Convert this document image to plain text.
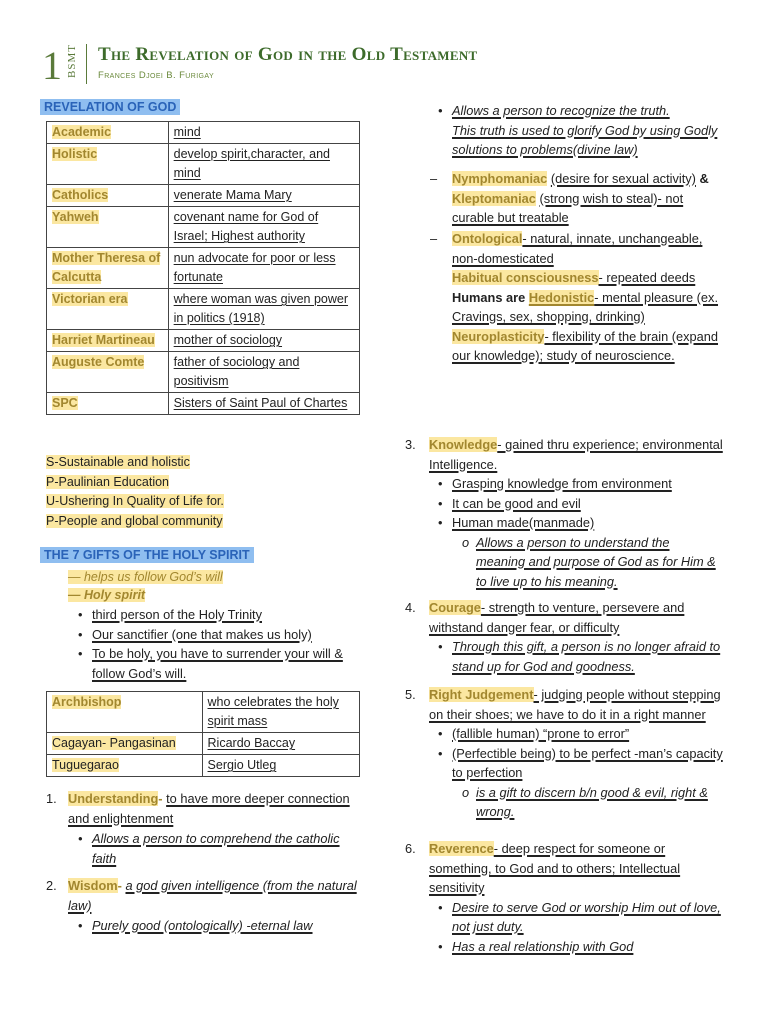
1 BSMT The Revelation of God in the Old Testament
Frances Djoei B. Furigay
REVELATION OF GOD
Academic	mind
Holistic	develop spirit,character, and mind
Catholics	venerate Mama Mary
Yahweh	covenant name for God of Israel; Highest authority
Mother Theresa of Calcutta	nun advocate for poor or less fortunate
Victorian era	where woman was given power in politics (1918)
Harriet Martineau	mother of sociology
Auguste Comte	father of sociology and positivism
SPC	Sisters of Saint Paul of Chartes
S-Sustainable and holistic
P-Paulinian Education
U-Ushering In Quality of Life for.
P-People and global community
THE 7 GIFTS OF THE HOLY SPIRIT
— helps us follow God’s will
— Holy spirit
• third person of the Holy Trinity
• Our sanctifier (one that makes us holy)
• To be holy, you have to surrender your will & follow God’s will.
Archbishop	who celebrates the holy spirit mass
Cagayan- Pangasinan	Ricardo Baccay
Tuguegarao	Sergio Utleg
1. Understanding- to have more deeper connection and enlightenment
• Allows a person to comprehend the catholic faith
2. Wisdom- a god given intelligence (from the natural law)
• Purely good (ontologically) -eternal law
• Allows a person to recognize the truth.
This truth is used to glorify God by using Godly solutions to problems(divine law)
– Nymphomaniac (desire for sexual activity) & Kleptomaniac (strong wish to steal)- not curable but treatable
– Ontological- natural, innate, unchangeable, non-domesticated
Habitual consciousness- repeated deeds
Humans are Hedonistic- mental pleasure (ex. Cravings, sex, shopping, drinking)
Neuroplasticity- flexibility of the brain (expand our knowledge); study of neuroscience.
3. Knowledge- gained thru experience; environmental Intelligence.
• Grasping knowledge from environment
• It can be good and evil
• Human made(manmade)
o Allows a person to understand the meaning and purpose of God as for Him & to live up to his meaning.
4. Courage- strength to venture, persevere and withstand danger fear, or difficulty
• Through this gift, a person is no longer afraid to stand up for God and goodness.
5. Right Judgement- judging people without stepping on their shoes; we have to do it in a right manner
• (fallible human) “prone to error”
• (Perfectible being) to be perfect -man’s capacity to perfection
o is a gift to discern b/n good & evil, right & wrong.
6. Reverence- deep respect for someone or something, to God and to others; Intellectual sensitivity
• Desire to serve God or worship Him out of love, not just duty.
• Has a real relationship with God
